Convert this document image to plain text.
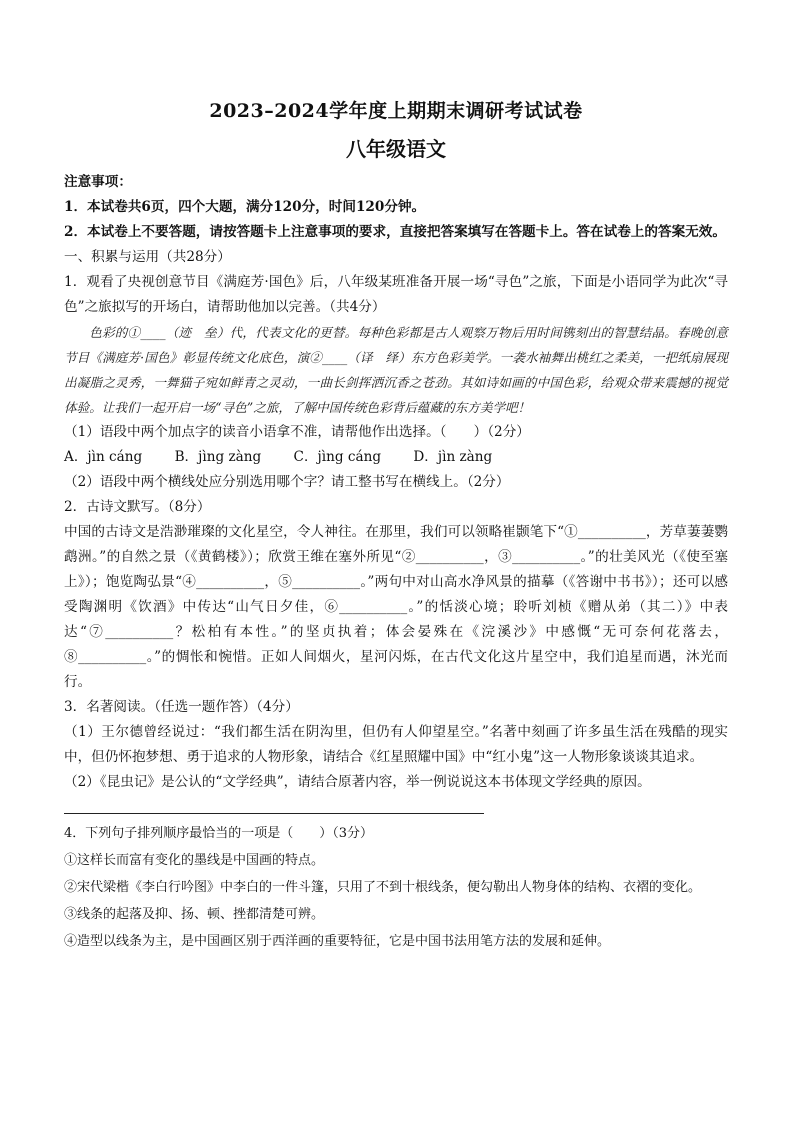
2023–2024学年度上期期末调研考试试卷
八年级语文

注意事项：

1．本试卷共6页，四个大题，满分120分，时间120分钟。

2．本试卷上不要答题，请按答题卡上注意事项的要求，直接把答案填写在答题卡上。答在试卷上的答案无效。

一、积累与运用（共28分）

1．观看了央视创意节目《满庭芳·国色》后，八年级某班准备开展一场“寻色”之旅，下面是小语同学为此次“寻色”之旅拟写的开场白，请帮助他加以完善。（共4分）

色彩的①____（迹　垒）代，代表文化的更替。每种色彩都是古人观察万物后用时间镌刻出的智慧结晶。春晚创意节目《满庭芳·国色》彰显传统文化底色，演②____（译　绎）东方色彩美学。一袭水袖舞出桃红之柔美，一把纸扇展现出凝脂之灵秀，一舞猫子宛如鲜青之灵动，一曲长剑挥洒沉香之苍劲。其如诗如画的中国色彩，给观众带来震撼的视觉体验。让我们一起开启一场“寻色”之旅，了解中国传统色彩背后蕴藏的东方美学吧！

（1）语段中两个加点字的读音小语拿不准，请帮他作出选择。（　　）（2分）

A．jìn cáng B．jìng zàng C．jìng cáng D．jìn zàng

（2）语段中两个横线处应分别选用哪个字？请工整书写在横线上。（2分）

2．古诗文默写。（8分）

中国的古诗文是浩渺璀璨的文化星空，令人神往。在那里，我们可以领略崔颢笔下“①__________，芳草萋萋鹦鹉洲。”的自然之景（《黄鹤楼》）；欣赏王维在塞外所见“②__________，③__________。”的壮美风光（《使至塞上》）；饱览陶弘景“④__________，⑤__________。”两句中对山高水净风景的描摹（《答谢中书书》）；还可以感受陶渊明《饮酒》中传达“山气日夕佳，⑥__________。”的恬淡心境；聆听刘桢《赠从弟（其二）》中表达“⑦__________？松柏有本性。”的坚贞执着；体会晏殊在《浣溪沙》中感慨“无可奈何花落去，⑧__________。”的惆怅和惋惜。正如人间烟火，星河闪烁，在古代文化这片星空中，我们追星而遇，沐光而行。

3．名著阅读。（任选一题作答）（4分）

（1）王尔德曾经说过：“我们都生活在阴沟里，但仍有人仰望星空。”名著中刻画了许多虽生活在残酷的现实中，但仍怀抱梦想、勇于追求的人物形象，请结合《红星照耀中国》中“红小鬼”这一人物形象谈谈其追求。

（2）《昆虫记》是公认的“文学经典”，请结合原著内容，举一例说说这本书体现文学经典的原因。

4．下列句子排列顺序最恰当的一项是（　　）（3分）

①这样长而富有变化的墨线是中国画的特点。

②宋代梁楷《李白行吟图》中李白的一件斗篷，只用了不到十根线条，便勾勒出人物身体的结构、衣褶的变化。

③线条的起落及抑、扬、顿、挫都清楚可辨。

④造型以线条为主，是中国画区别于西洋画的重要特征，它是中国书法用笔方法的发展和延伸。
